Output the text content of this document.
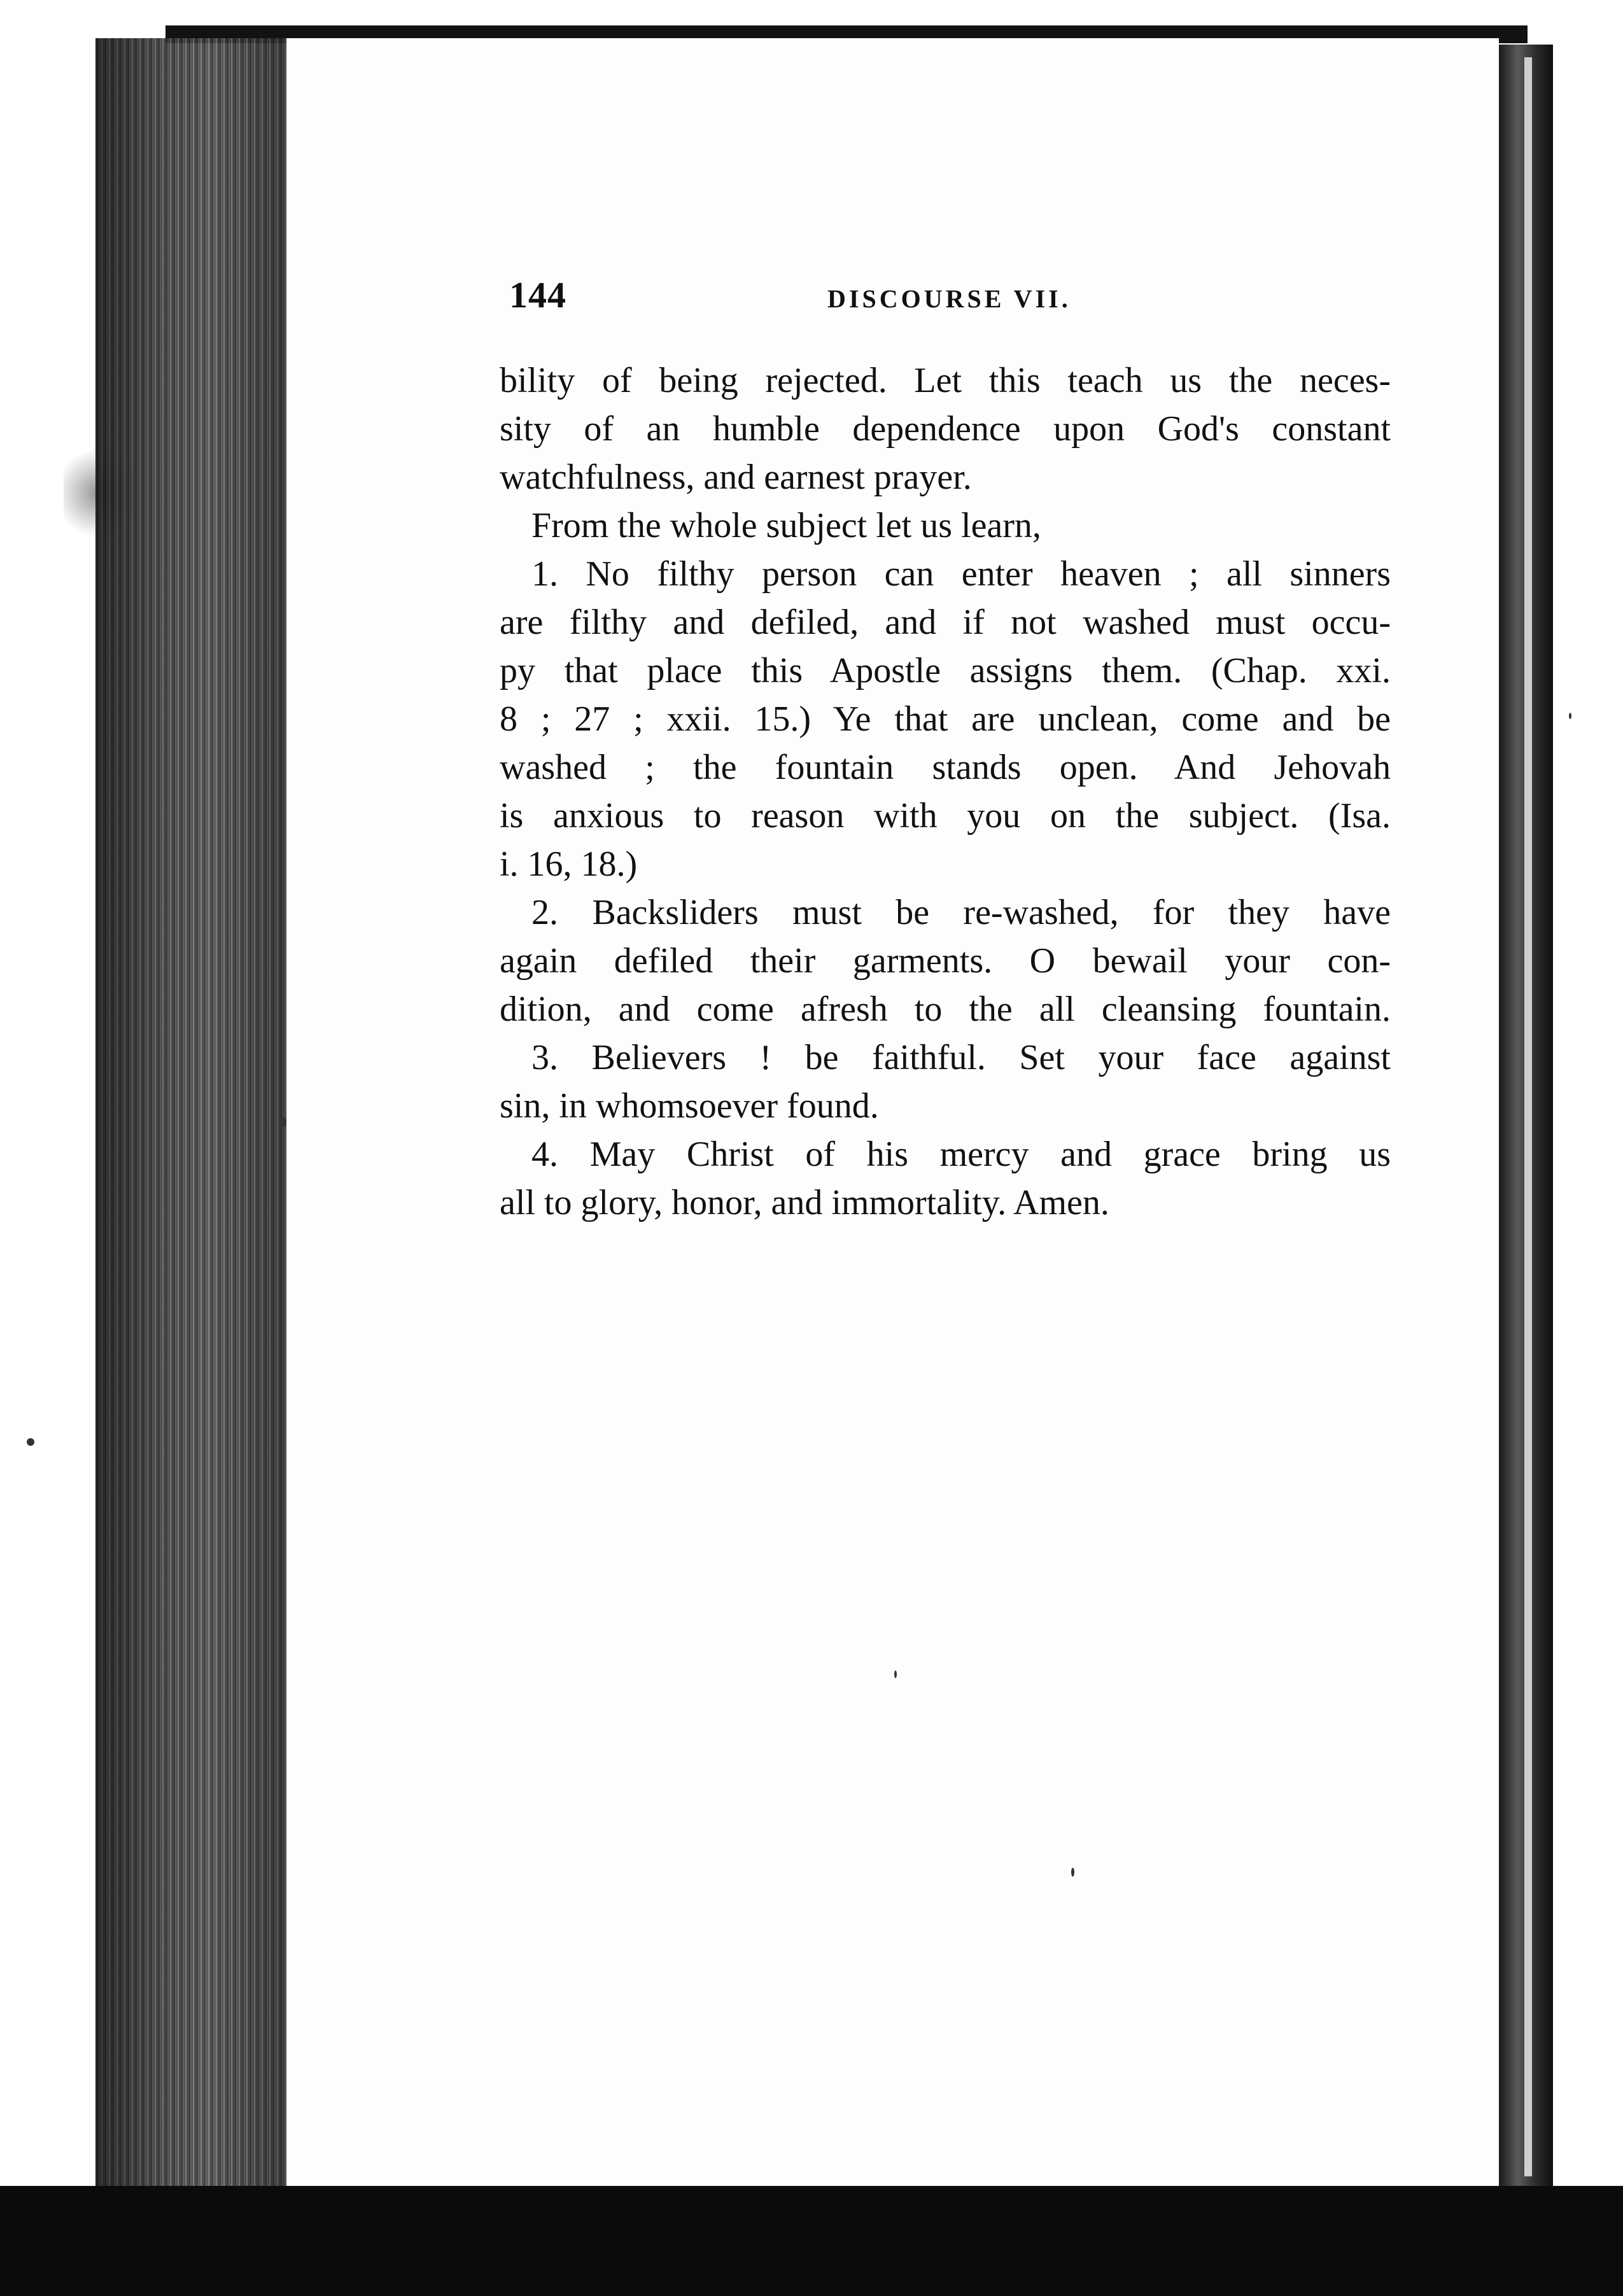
144	DISCOURSE VII.
bility of being rejected. Let this teach us the neces-
sity of an humble dependence upon God's constant
watchfulness, and earnest prayer.
From the whole subject let us learn,
1. No filthy person can enter heaven ; all sinners
are filthy and defiled, and if not washed must occu-
py that place this Apostle assigns them. (Chap. xxi.
8 ; 27 ; xxii. 15.) Ye that are unclean, come and be
washed ; the fountain stands open. And Jehovah
is anxious to reason with you on the subject. (Isa.
i. 16, 18.)
2. Backsliders must be re-washed, for they have
again defiled their garments. O bewail your con-
dition, and come afresh to the all cleansing fountain.
3. Believers ! be faithful. Set your face against
sin, in whomsoever found.
4. May Christ of his mercy and grace bring us
all to glory, honor, and immortality. Amen.
